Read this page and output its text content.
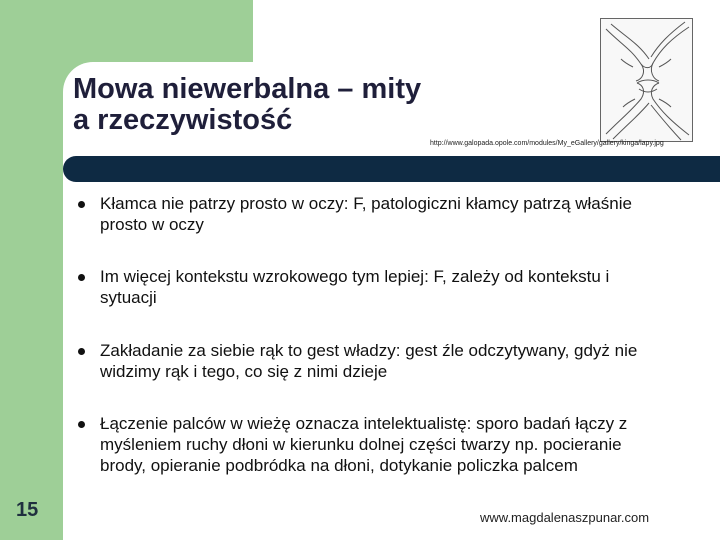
Mowa niewerbalna – mity
a rzeczywistość
http://www.galopada.opole.com/modules/My_eGallery/gallery/kinga/lapy.jpg
Kłamca nie patrzy prosto w oczy: F, patologiczni kłamcy patrzą właśnie prosto w oczy
Im więcej kontekstu wzrokowego tym lepiej: F, zależy od kontekstu i sytuacji
Zakładanie za siebie rąk to gest władzy: gest źle odczytywany, gdyż nie widzimy rąk i tego, co się z nimi dzieje
Łączenie palców w wieżę oznacza intelektualistę: sporo badań łączy z myśleniem ruchy dłoni w kierunku dolnej części twarzy np. pocieranie brody, opieranie podbródka na dłoni, dotykanie policzka palcem
15	www.magdalenaszpunar.com
